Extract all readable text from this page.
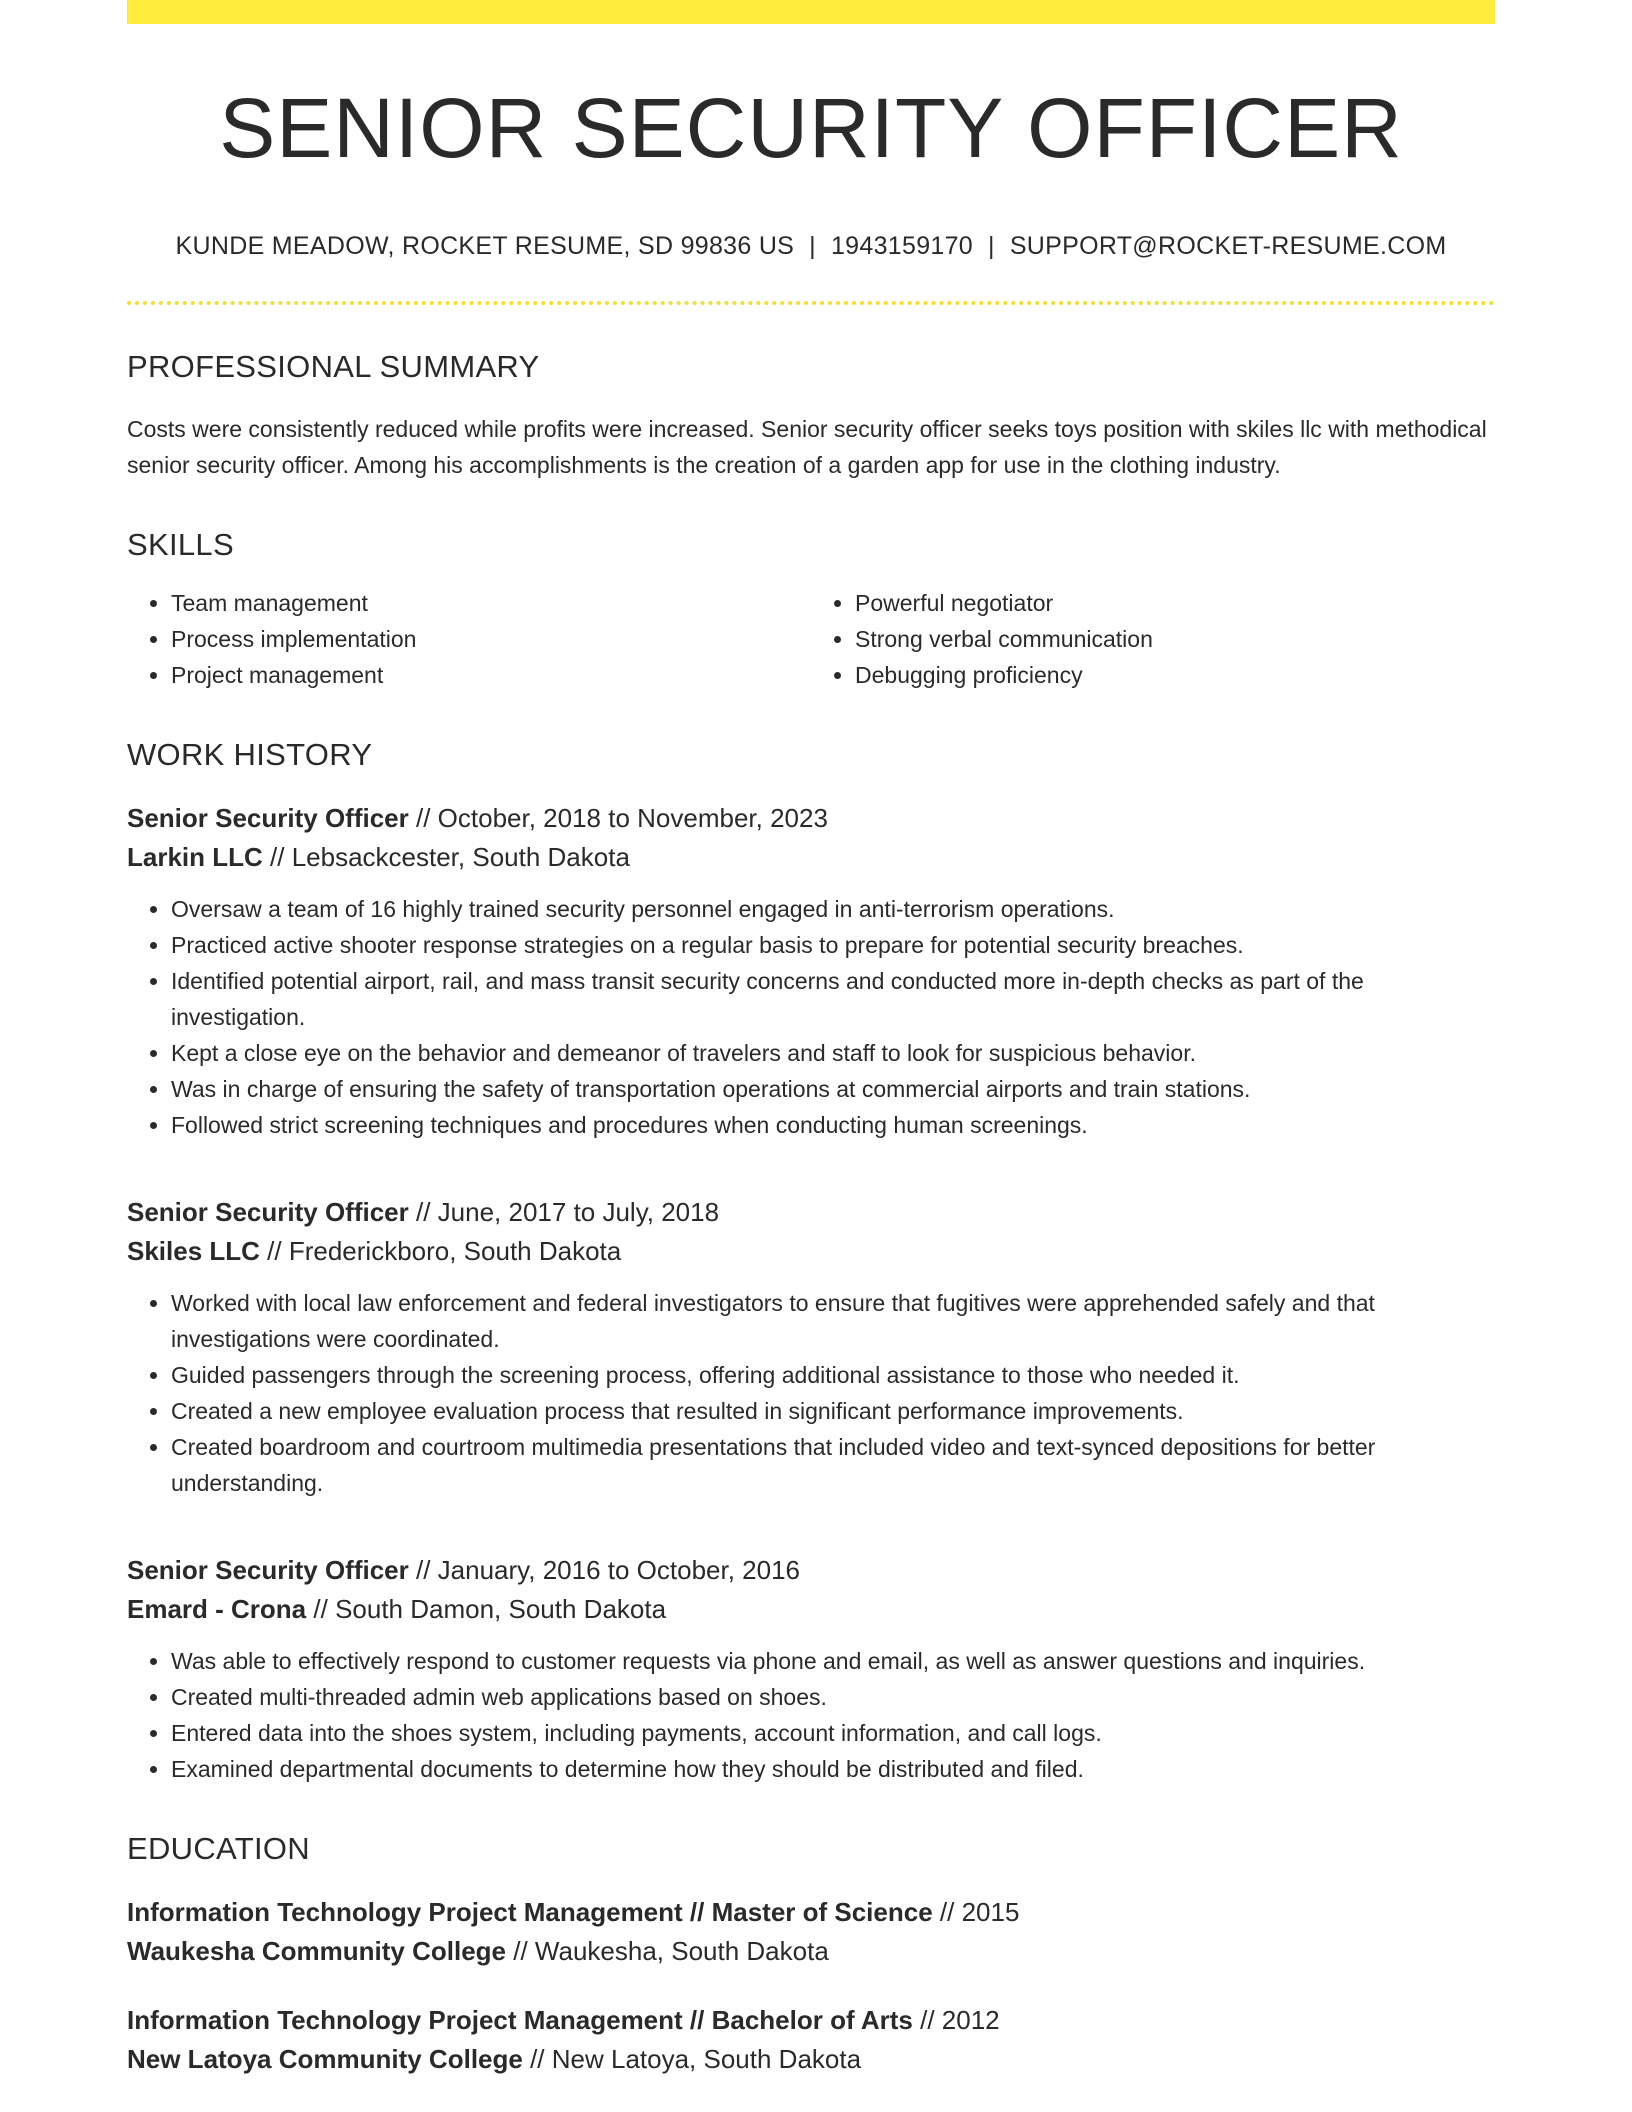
SENIOR SECURITY OFFICER
KUNDE MEADOW, ROCKET RESUME, SD 99836 US | 1943159170 | SUPPORT@ROCKET-RESUME.COM
PROFESSIONAL SUMMARY

Costs were consistently reduced while profits were increased. Senior security officer seeks toys position with skiles llc with methodical senior security officer. Among his accomplishments is the creation of a garden app for use in the clothing industry.

SKILLS
• Team management
• Process implementation
• Project management
• Powerful negotiator
• Strong verbal communication
• Debugging proficiency
WORK HISTORY
Senior Security Officer // October, 2018 to November, 2023
Larkin LLC // Lebsackcester, South Dakota
• Oversaw a team of 16 highly trained security personnel engaged in anti-terrorism operations.
• Practiced active shooter response strategies on a regular basis to prepare for potential security breaches.
• Identified potential airport, rail, and mass transit security concerns and conducted more in-depth checks as part of the investigation.
• Kept a close eye on the behavior and demeanor of travelers and staff to look for suspicious behavior.
• Was in charge of ensuring the safety of transportation operations at commercial airports and train stations.
• Followed strict screening techniques and procedures when conducting human screenings.
Senior Security Officer // June, 2017 to July, 2018
Skiles LLC // Frederickboro, South Dakota
• Worked with local law enforcement and federal investigators to ensure that fugitives were apprehended safely and that investigations were coordinated.
• Guided passengers through the screening process, offering additional assistance to those who needed it.
• Created a new employee evaluation process that resulted in significant performance improvements.
• Created boardroom and courtroom multimedia presentations that included video and text-synced depositions for better understanding.
Senior Security Officer // January, 2016 to October, 2016
Emard - Crona // South Damon, South Dakota
• Was able to effectively respond to customer requests via phone and email, as well as answer questions and inquiries.
• Created multi-threaded admin web applications based on shoes.
• Entered data into the shoes system, including payments, account information, and call logs.
• Examined departmental documents to determine how they should be distributed and filed.
EDUCATION
Information Technology Project Management // Master of Science // 2015
Waukesha Community College // Waukesha, South Dakota
Information Technology Project Management // Bachelor of Arts // 2012
New Latoya Community College // New Latoya, South Dakota
